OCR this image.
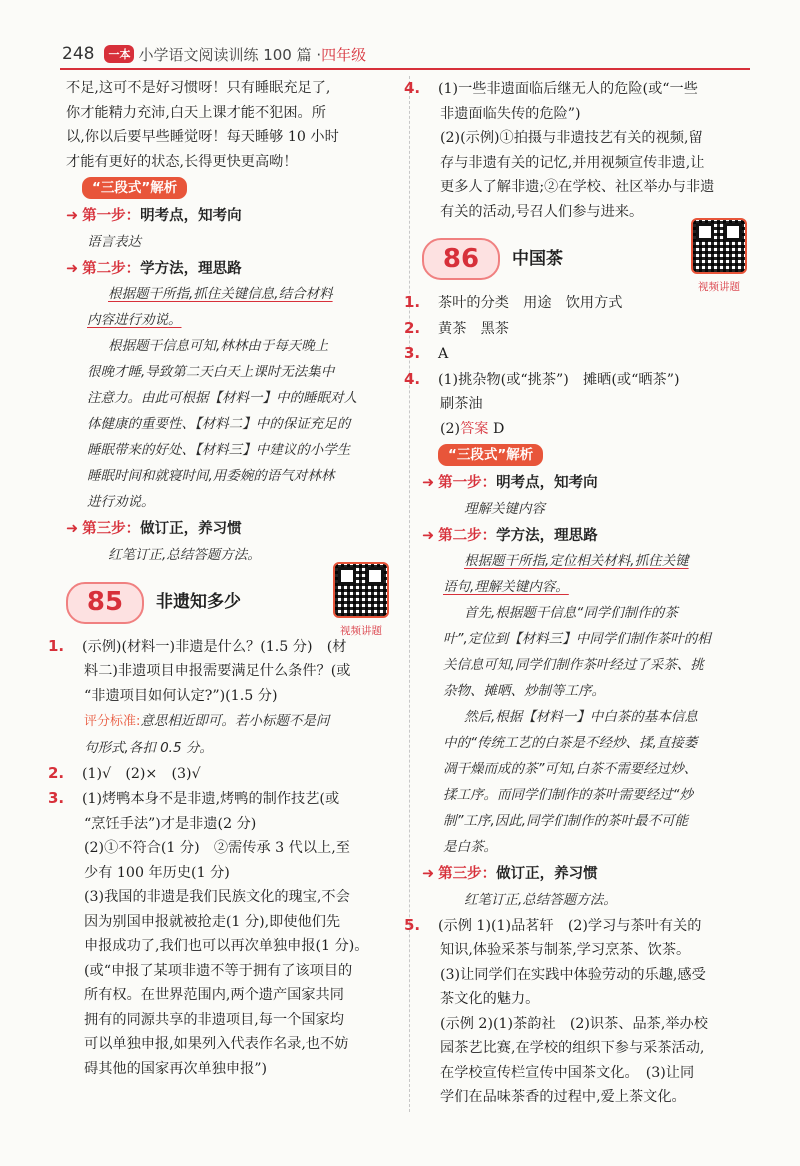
248	一本 小学语文阅读训练 100 篇 · 四年级

不足,这可不是好习惯呀！只有睡眠充足了,

你才能精力充沛,白天上课才能不犯困。所

以,你以后要早些睡觉呀！每天睡够 10 小时

才能有更好的状态,长得更快更高呦！

“三段式”解析
➜ 第一步：明考点，知考向

语言表达

➜ 第二步：学方法，理思路

根据题干所指,抓住关键信息,结合材料

内容进行劝说。

根据题干信息可知,林林由于每天晚上

很晚才睡,导致第二天白天上课时无法集中

注意力。由此可根据【材料一】中的睡眠对人

体健康的重要性、【材料二】中的保证充足的

睡眠带来的好处、【材料三】中建议的小学生

睡眠时间和就寝时间,用委婉的语气对林林

进行劝说。

➜ 第三步：做订正，养习惯

红笔订正,总结答题方法。

85	非遗知多少
视频讲题

1. (示例)(材料一)非遗是什么？(1.5 分)　(材

料二)非遗项目申报需要满足什么条件？(或

“非遗项目如何认定?”)(1.5 分)

评分标准:意思相近即可。若小标题不是问

句形式,各扣 0.5 分。

2. (1)√　(2)×　(3)√

3. (1)烤鸭本身不是非遗,烤鸭的制作技艺(或

“烹饪手法”)才是非遗(2 分)

(2)①不符合(1 分)　②需传承 3 代以上,至

少有 100 年历史(1 分)

(3)我国的非遗是我们民族文化的瑰宝,不会

因为别国申报就被抢走(1 分),即使他们先

申报成功了,我们也可以再次单独申报(1 分)。

(或“申报了某项非遗不等于拥有了该项目的

所有权。在世界范围内,两个遗产国家共同

拥有的同源共享的非遗项目,每一个国家均

可以单独申报,如果列入代表作名录,也不妨

碍其他的国家再次单独申报”)

4. (1)一些非遗面临后继无人的危险(或“一些

非遗面临失传的危险”)

(2)(示例)①拍摄与非遗技艺有关的视频,留

存与非遗有关的记忆,并用视频宣传非遗,让

更多人了解非遗;②在学校、社区举办与非遗

有关的活动,号召人们参与进来。

86	中国茶
视频讲题

1. 茶叶的分类　用途　饮用方式

2. 黄茶　黑茶

3. A

4. (1)挑杂物(或“挑茶”)　摊晒(或“晒茶”)

刷茶油

(2)答案 D

“三段式”解析
➜ 第一步：明考点，知考向

理解关键内容

➜ 第二步：学方法，理思路

根据题干所指,定位相关材料,抓住关键

语句,理解关键内容。

首先,根据题干信息“同学们制作的茶

叶”,定位到【材料三】中同学们制作茶叶的相

关信息可知,同学们制作茶叶经过了采茶、挑

杂物、摊晒、炒制等工序。

然后,根据【材料一】中白茶的基本信息

中的“传统工艺的白茶是不经炒、揉,直接萎

凋干燥而成的茶”可知,白茶不需要经过炒、

揉工序。而同学们制作的茶叶需要经过“炒

制”工序,因此,同学们制作的茶叶最不可能

是白茶。

➜ 第三步：做订正，养习惯

红笔订正,总结答题方法。

5. (示例 1)(1)品茗轩　(2)学习与茶叶有关的

知识,体验采茶与制茶,学习烹茶、饮茶。

(3)让同学们在实践中体验劳动的乐趣,感受

茶文化的魅力。

(示例 2)(1)茶韵社　(2)识茶、品茶,举办校

园茶艺比赛,在学校的组织下参与采茶活动,

在学校宣传栏宣传中国茶文化。　(3)让同

学们在品味茶香的过程中,爱上茶文化。
